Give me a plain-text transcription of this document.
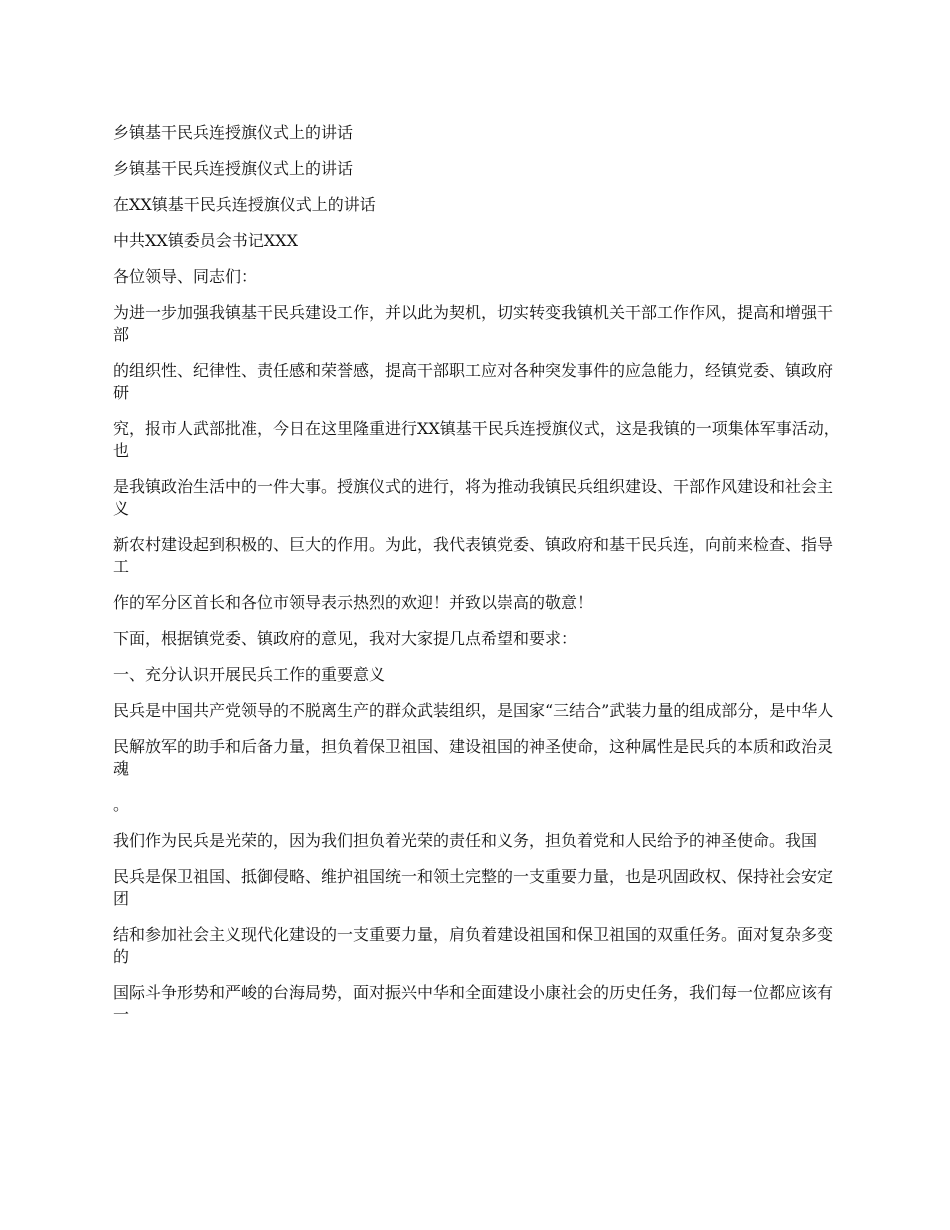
乡镇基干民兵连授旗仪式上的讲话

乡镇基干民兵连授旗仪式上的讲话

在XX镇基干民兵连授旗仪式上的讲话

中共XX镇委员会书记XXX

各位领导、同志们：

为进一步加强我镇基干民兵建设工作，并以此为契机，切实转变我镇机关干部工作作风，提高和增强干部

的组织性、纪律性、责任感和荣誉感，提高干部职工应对各种突发事件的应急能力，经镇党委、镇政府研

究，报市人武部批准，今日在这里隆重进行XX镇基干民兵连授旗仪式，这是我镇的一项集体军事活动，也

是我镇政治生活中的一件大事。授旗仪式的进行，将为推动我镇民兵组织建设、干部作风建设和社会主义

新农村建设起到积极的、巨大的作用。为此，我代表镇党委、镇政府和基干民兵连，向前来检查、指导工

作的军分区首长和各位市领导表示热烈的欢迎！并致以崇高的敬意！

下面，根据镇党委、镇政府的意见，我对大家提几点希望和要求：

一、充分认识开展民兵工作的重要意义

民兵是中国共产党领导的不脱离生产的群众武装组织，是国家“三结合”武装力量的组成部分，是中华人

民解放军的助手和后备力量，担负着保卫祖国、建设祖国的神圣使命，这种属性是民兵的本质和政治灵魂

。

我们作为民兵是光荣的，因为我们担负着光荣的责任和义务，担负着党和人民给予的神圣使命。我国

民兵是保卫祖国、抵御侵略、维护祖国统一和领土完整的一支重要力量，也是巩固政权、保持社会安定团

结和参加社会主义现代化建设的一支重要力量，肩负着建设祖国和保卫祖国的双重任务。面对复杂多变的

国际斗争形势和严峻的台海局势，面对振兴中华和全面建设小康社会的历史任务，我们每一位都应该有一
